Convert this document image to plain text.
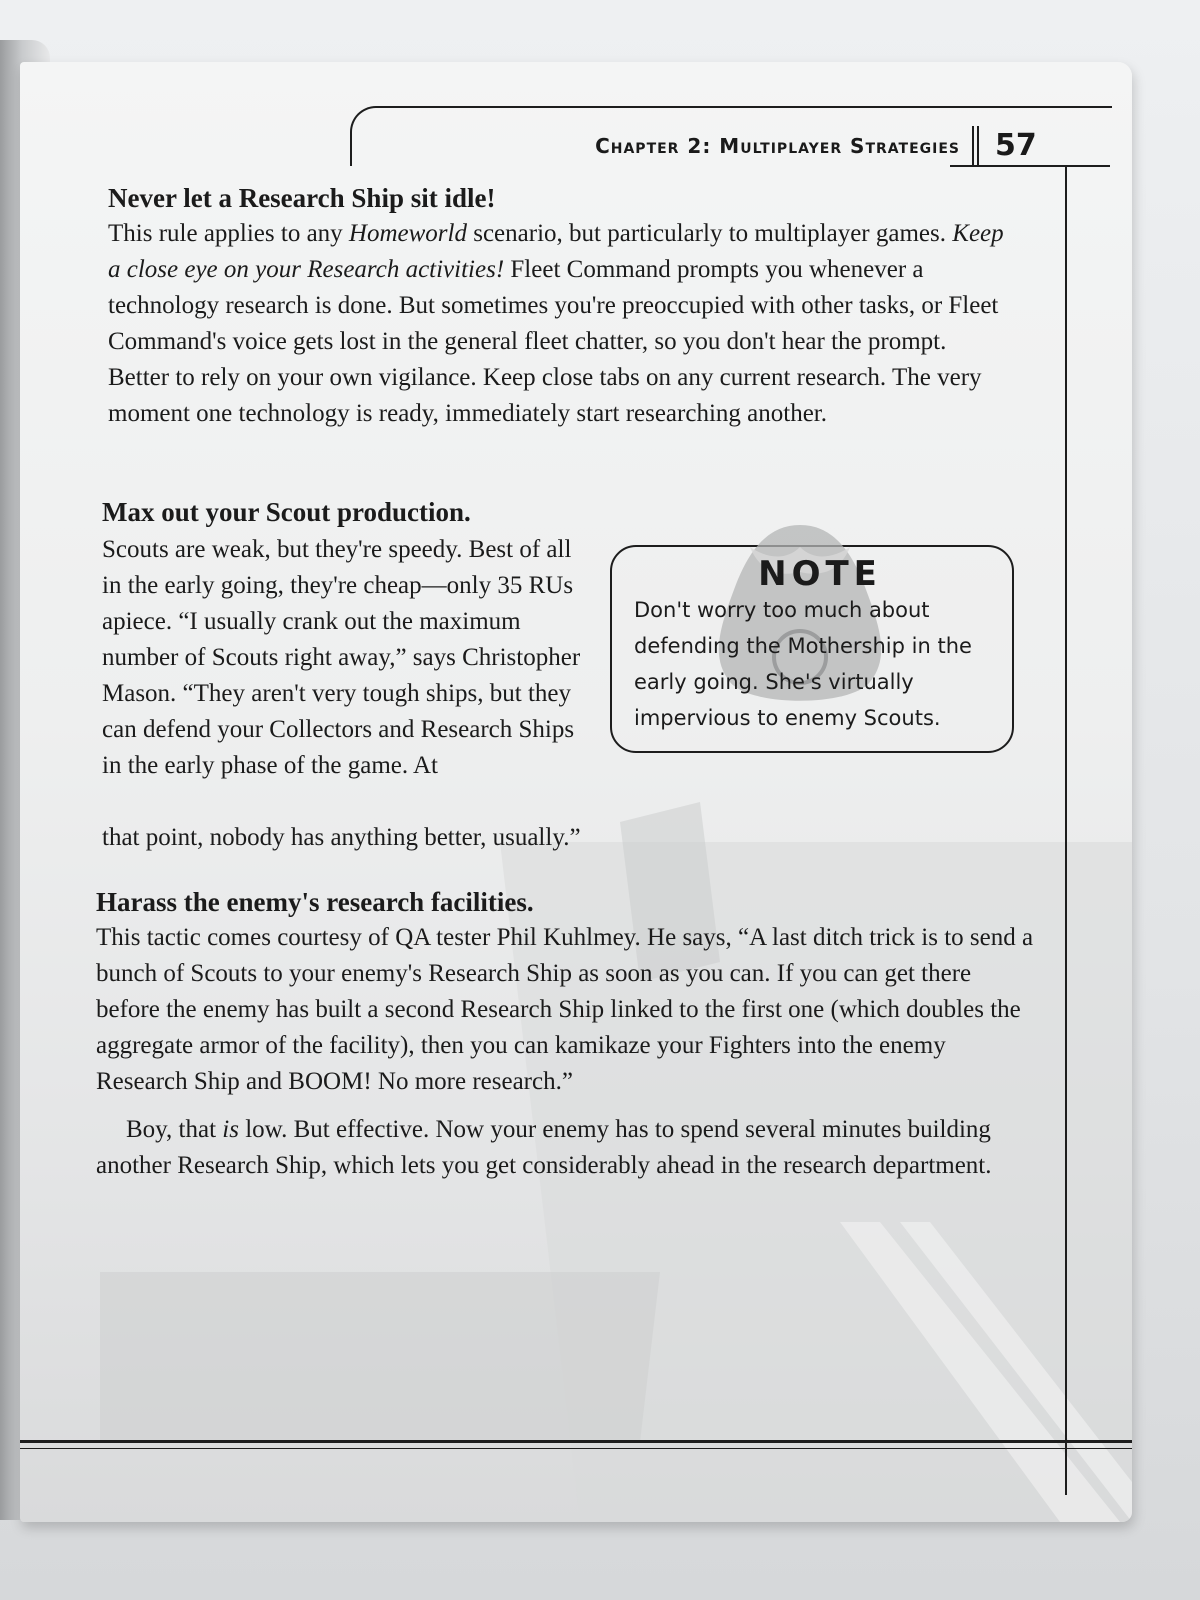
Chapter 2: Multiplayer Strategies 57

Never let a Research Ship sit idle!

This rule applies to any Homeworld scenario, but particularly to multiplayer games. Keep a close eye on your Research activities! Fleet Command prompts you whenever a technology research is done. But sometimes you're preoccupied with other tasks, or Fleet Command's voice gets lost in the general fleet chatter, so you don't hear the prompt. Better to rely on your own vigilance. Keep close tabs on any current research. The very moment one technology is ready, immediately start researching another.

Max out your Scout production.

Scouts are weak, but they're speedy. Best of all in the early going, they're cheap—only 35 RUs apiece. “I usually crank out the maximum number of Scouts right away,” says Christopher Mason. “They aren't very tough ships, but they can defend your Collectors and Research Ships in the early phase of the game. At

that point, nobody has anything better, usually.”

NOTE
Don't worry too much about defending the Mothership in the early going. She's virtually impervious to enemy Scouts.

Harass the enemy's research facilities.

This tactic comes courtesy of QA tester Phil Kuhlmey. He says, “A last ditch trick is to send a bunch of Scouts to your enemy's Research Ship as soon as you can. If you can get there before the enemy has built a second Research Ship linked to the first one (which doubles the aggregate armor of the facility), then you can kamikaze your Fighters into the enemy Research Ship and BOOM! No more research.”

Boy, that is low. But effective. Now your enemy has to spend several minutes building another Research Ship, which lets you get considerably ahead in the research department.
